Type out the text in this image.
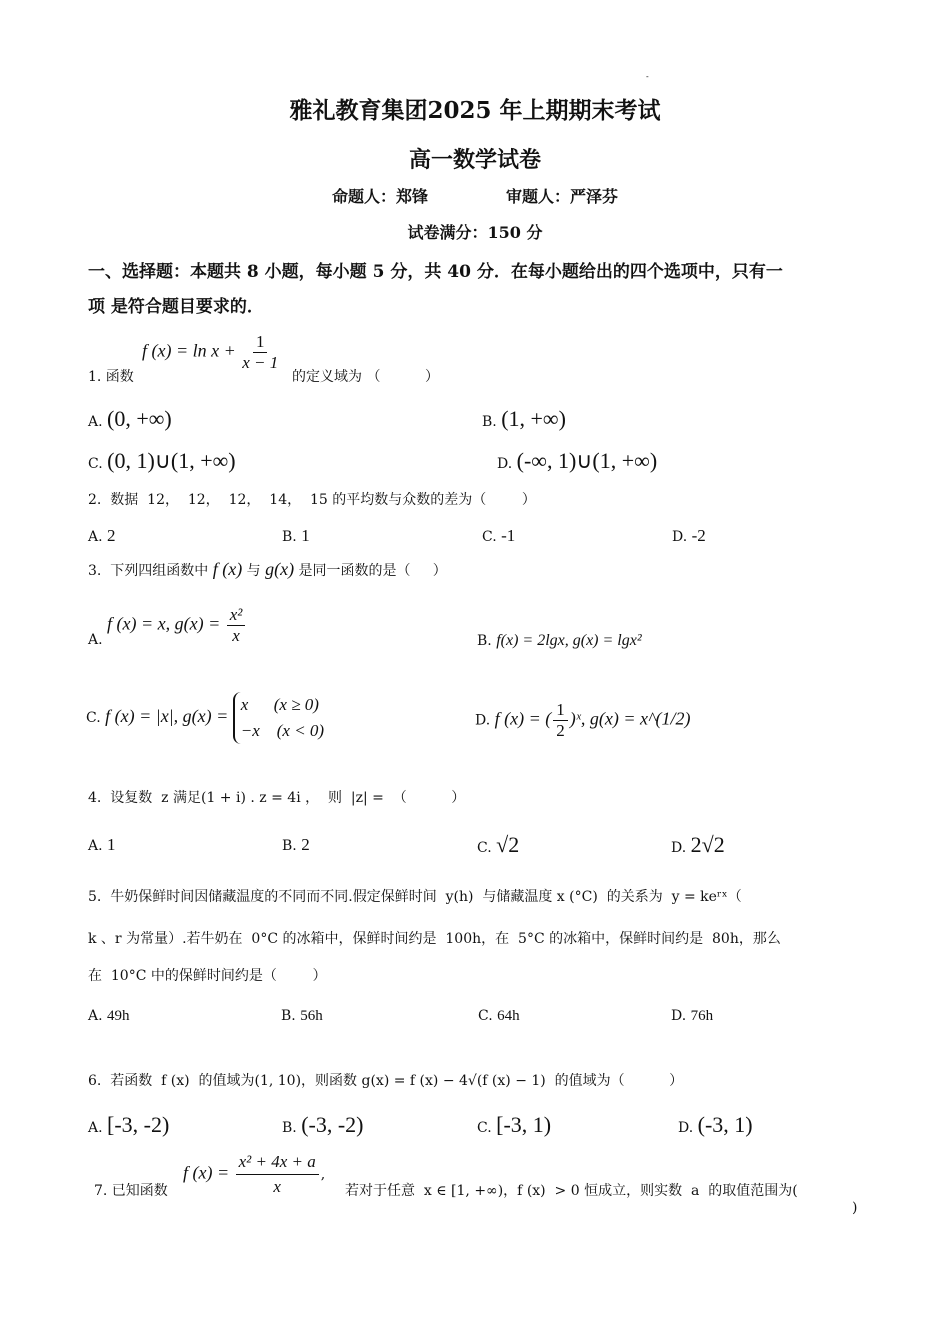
-
雅礼教育集团2025 年上期期末考试
高一数学试卷
命题人：郑锋              审题人：严泽芬
试卷满分：150 分
一、选择题：本题共 8 小题，每小题 5 分，共 40 分．在每小题给出的四个选项中，只有一
项 是符合题目要求的．
1. 函数
f $(x) = \ln x + \frac{1}{x - 1}$
的定义域为 （          ）
A. (0, +∞)	B. (1, +∞)
C. (0, 1)∪(1, +∞)	D. (-∞, 1)∪(1, +∞)
2.  数据  12，  12，  12，  14，  15 的平均数与众数的差为（        ）
A. 2	B. 1	C. -1	D. -2
3.  下列四组函数中 f (x) 与 g(x) 是同一函数的是（     ）
A. f (x) = x, $g(x) = \frac{\text{x²}}{x}$	B. f(x) = 2lgx, g(x) = lgx²
C. f (x) = |x|, g(x) =
x      (x ≥ 0)
−x    (x < 0)
D. f (x) = ( $\frac{1}{2}$ )ˣ, g(x) = x^(1/2)
4.  设复数  z 满足(1 + i) . z = 4i ，  则  |z| =  （          ）
A. 1	B. 2	C. √2	D. 2√2
5.  牛奶保鲜时间因储藏温度的不同而不同.假定保鲜时间  y(h)  与储藏温度 x (°C)  的关系为  y = keʳˣ（
k 、r 为常量）.若牛奶在  0°C 的冰箱中，保鲜时间约是  100h，在  5°C 的冰箱中，保鲜时间约是  80h，那么
在  10°C 中的保鲜时间约是（        ）
A. 49h	B. 56h	C. 64h	D. 76h
6.  若函数  f (x)  的值域为(1, 10)，则函数 g(x) = f (x) − 4√(f (x) − 1)  的值域为（          ）
A. [-3, -2)	B. (-3, -2)	C. [-3, 1)	D. (-3, 1)
7. 已知函数
f $(x) = \frac{\text{x² + 4x + a}}{x}$ ,
若对于任意  x ∈ [1, +∞)，f (x)  > 0 恒成立，则实数  a  的取值范围为(
)
